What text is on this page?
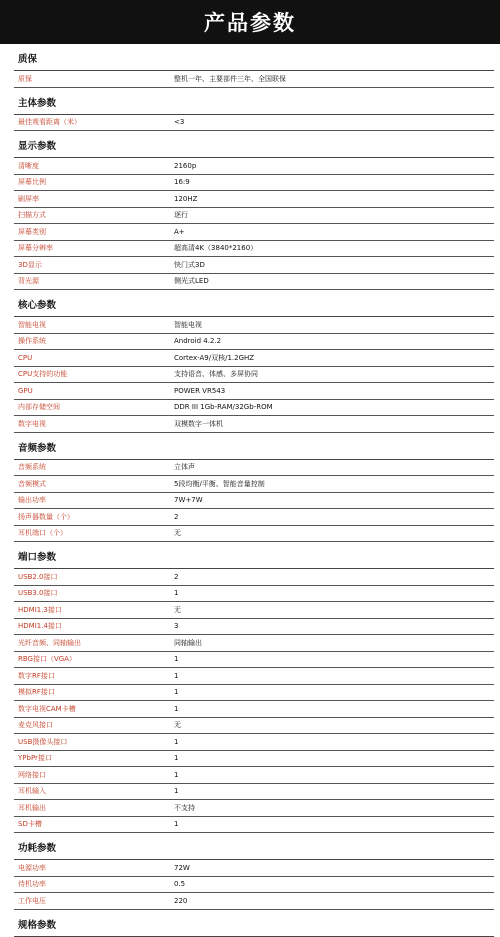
产品参数
质保
质保	整机一年、主要部件三年、全国联保
主体参数
最佳观看距离（米）	<3
显示参数
清晰度	2160p
屏幕比例	16:9
刷屏率	120HZ
扫描方式	逐行
屏幕类别	A+
屏幕分辨率	超高清4K（3840*2160）
3D显示	快门式3D
背光源	侧光式LED
核心参数
智能电视	智能电视
操作系统	Android 4.2.2
CPU	Cortex-A9/双核/1.2GHZ
CPU支持的功能	支持语音、体感、多屏协同
GPU	POWER VR543
内部存储空间	DDR III 1Gb-RAM/32Gb-ROM
数字电视	双模数字一体机
音频参数
音频系统	立体声
音频模式	5段均衡/平衡、智能音量控制
输出功率	7W+7W
扬声器数量（个）	2
耳机端口（个）	无
端口参数
USB2.0接口	2
USB3.0接口	1
HDMI1.3接口	无
HDMI1.4接口	3
光纤音频、同轴输出	同轴输出
RBG接口（VGA）	1
数字RF接口	1
模拟RF接口	1
数字电视CAM卡槽	1
麦克风接口	无
USB摄像头接口	1
YPbPr接口	1
网络接口	1
耳机输入	1
耳机输出	不支持
SD卡槽	1
功耗参数
电源功率	72W
待机功率	0.5
工作电压	220
规格参数
